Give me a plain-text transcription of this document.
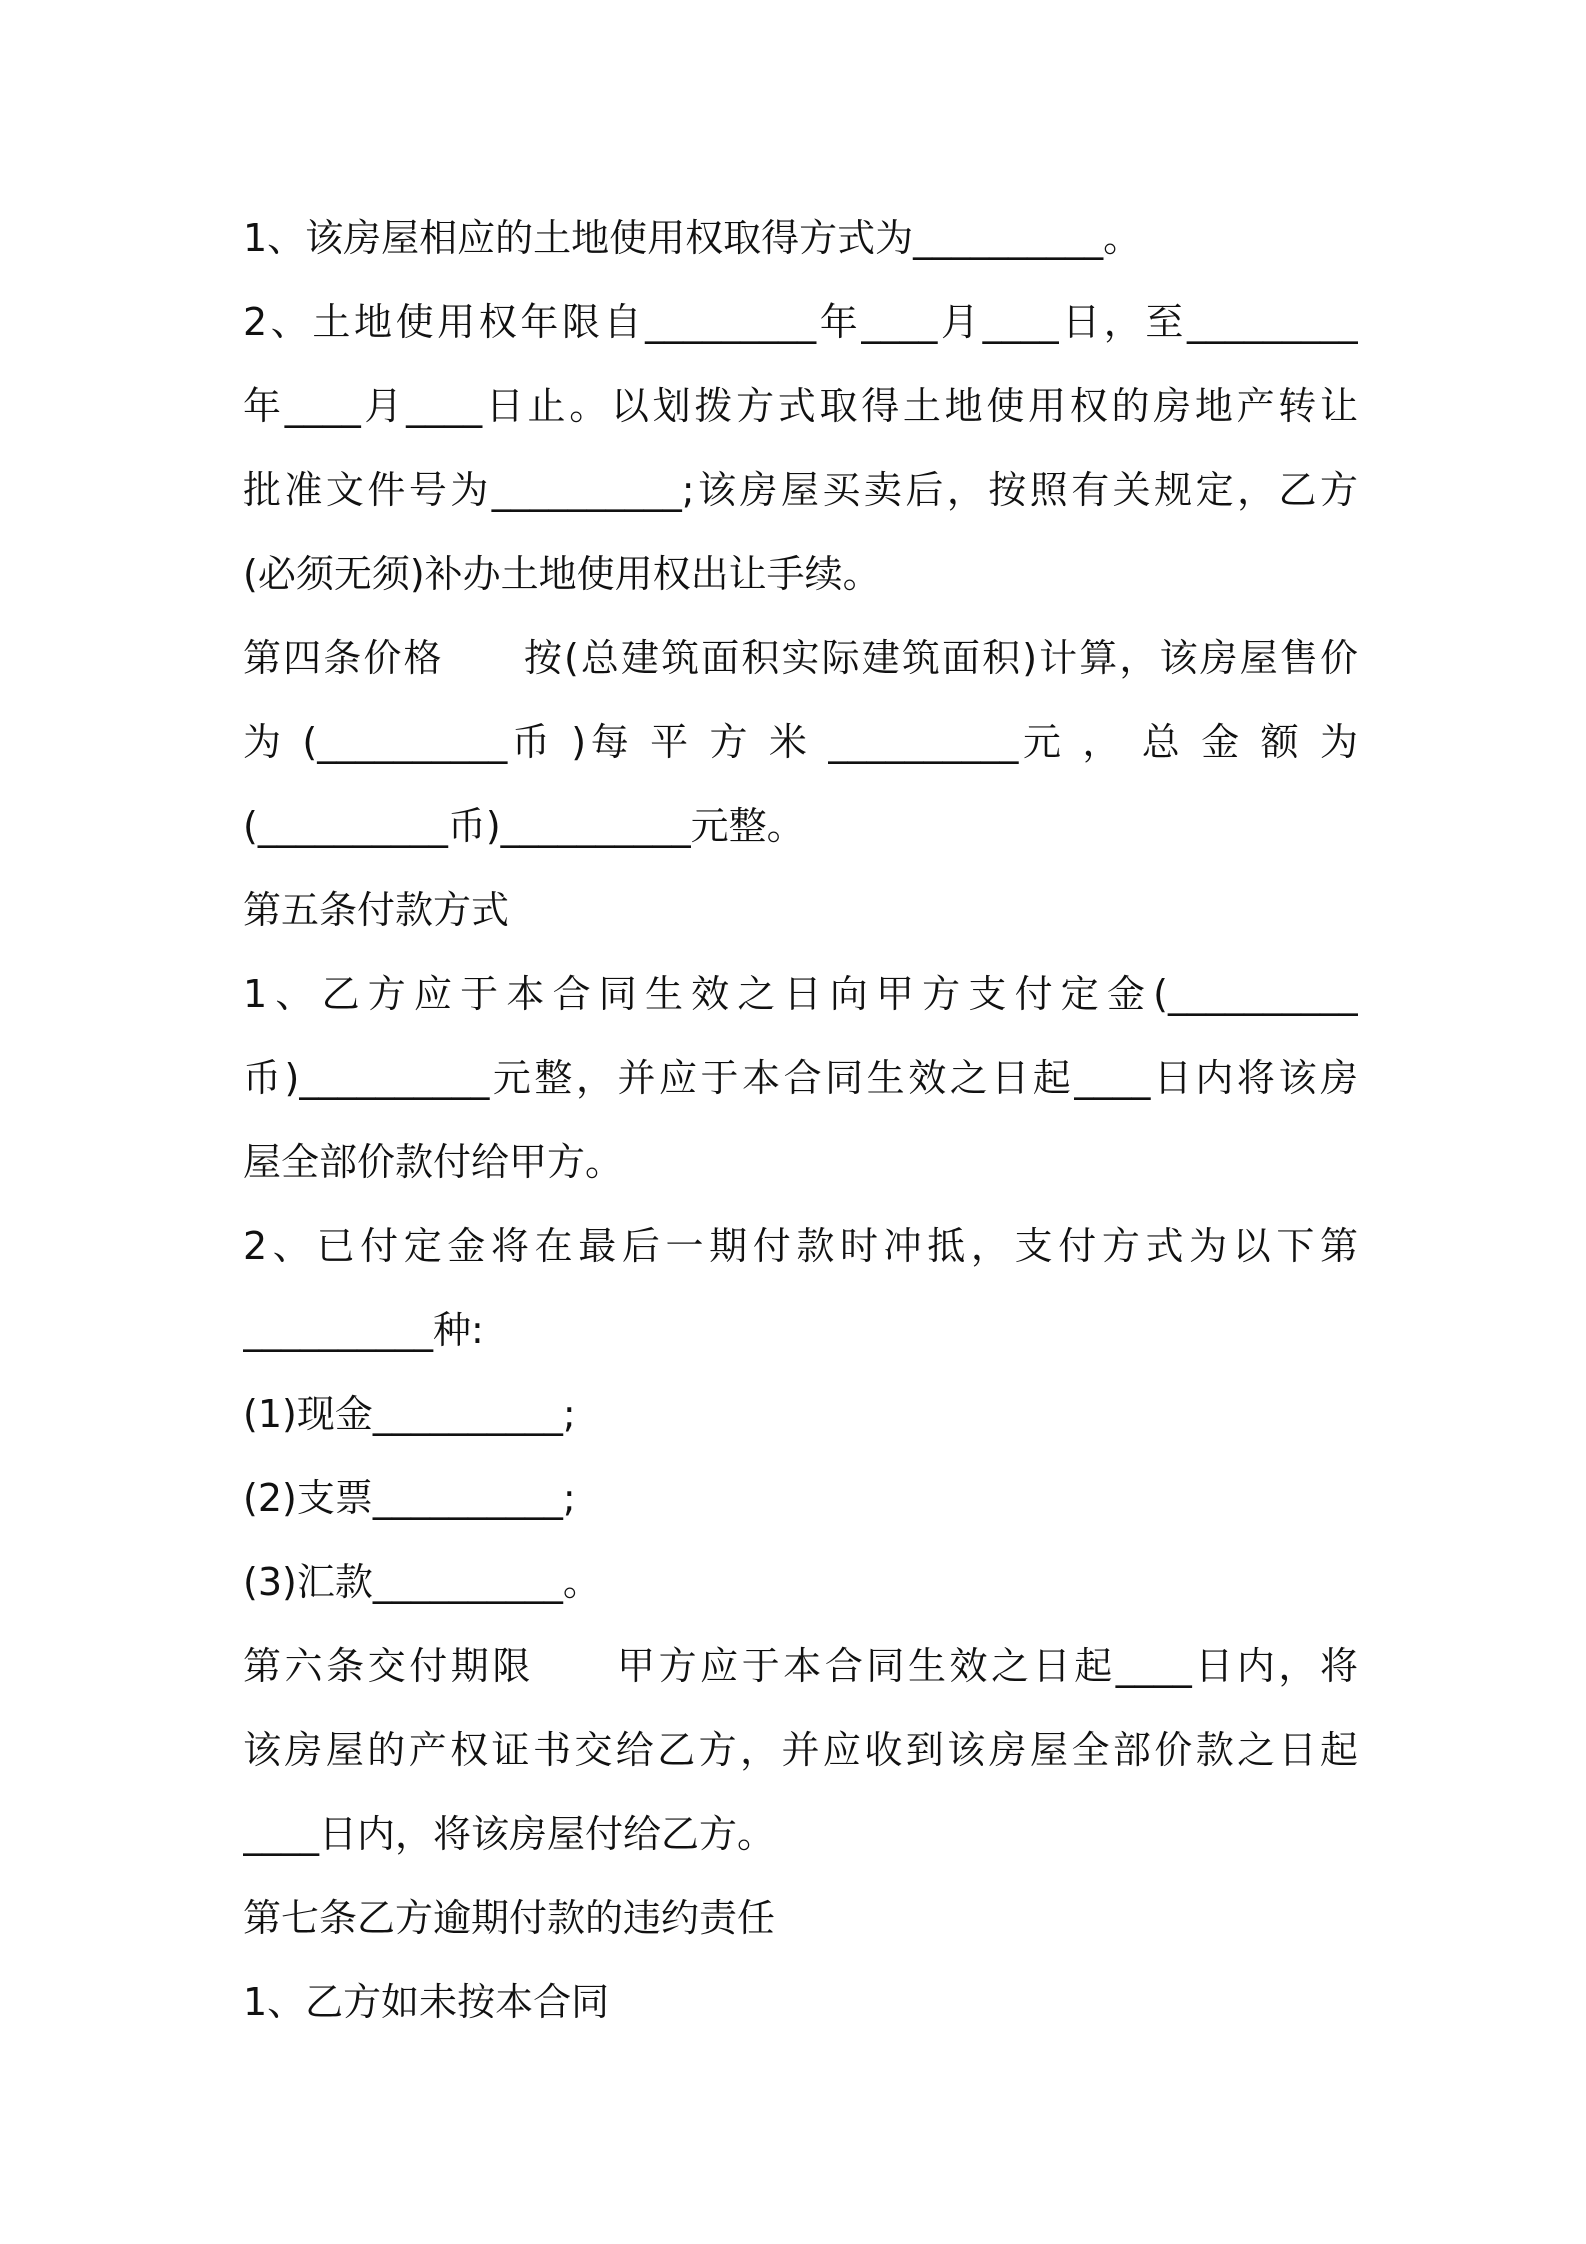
1、该房屋相应的土地使用权取得方式为__________。
2、土地使用权年限自_________年____月____日，至_________
年____月____日止。以划拨方式取得土地使用权的房地产转让
批准文件号为__________;该房屋买卖后，按照有关规定，乙方
(必须无须)补办土地使用权出让手续。
第四条价格　　按(总建筑面积实际建筑面积)计算，该房屋售价
为 (__________币 )每 平 方 米 __________元 ， 总 金 额 为
(__________币)__________元整。
第五条付款方式
1、乙方应于本合同生效之日向甲方支付定金(__________
币)__________元整，并应于本合同生效之日起____日内将该房
屋全部价款付给甲方。
2、已付定金将在最后一期付款时冲抵，支付方式为以下第
__________种:
(1)现金__________;
(2)支票__________;
(3)汇款__________。
第六条交付期限　　甲方应于本合同生效之日起____日内，将
该房屋的产权证书交给乙方，并应收到该房屋全部价款之日起
____日内，将该房屋付给乙方。
第七条乙方逾期付款的违约责任
1、乙方如未按本合同
